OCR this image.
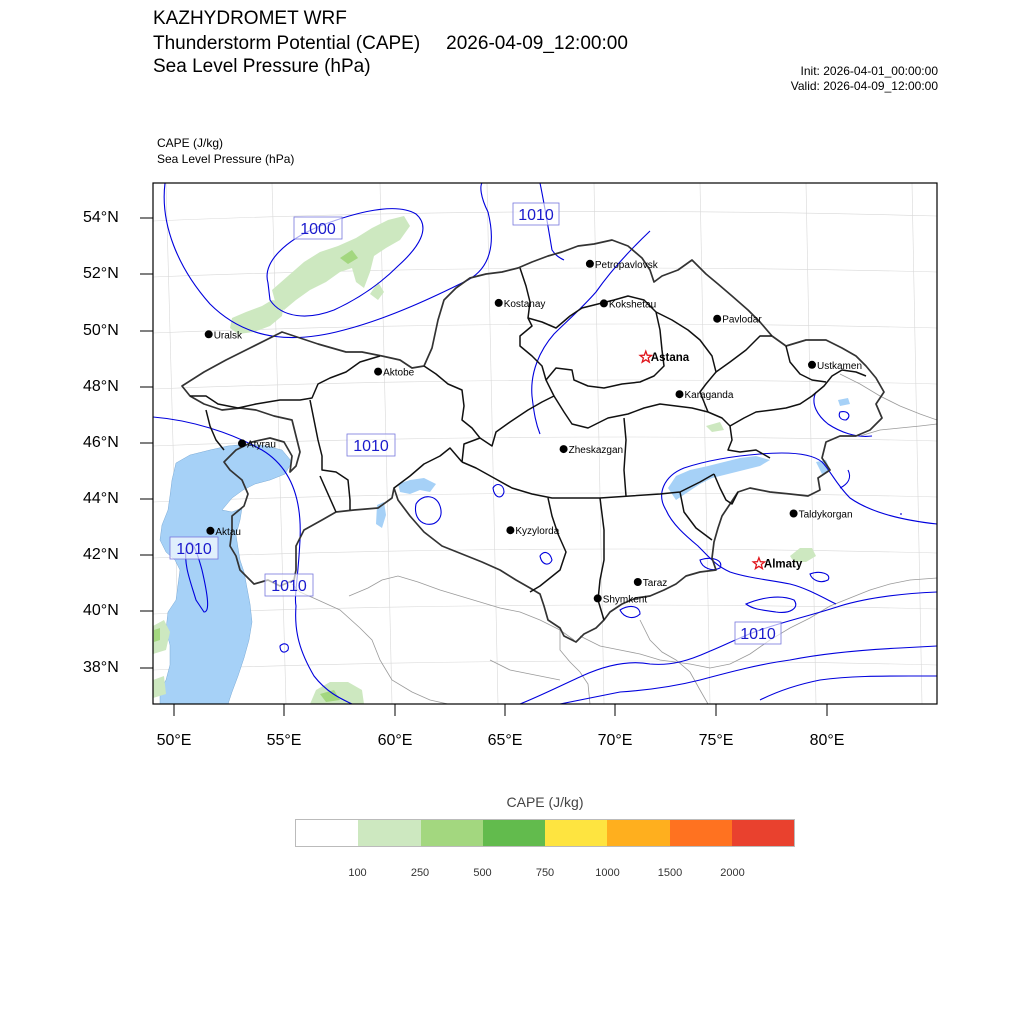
KAZHYDROMET WRF
Thunderstorm Potential (CAPE) 2026-04-09_12:00:00
Sea Level Pressure (hPa)	Init: 2026-04-01_00:00:00
Valid: 2026-04-09_12:00:00
CAPE (J/kg)
Sea Level Pressure (hPa)
1000
1010
1010
1010
1010
1010
Petropavlovsk
Kostanay	Kokshetau
Uralsk
Pavlodar
Astana
Ustkamen
Aktobe
Karaganda
Atyrau
Zheskazgan
Aktau	Kyzylorda
Taldykorgan
Almaty
Taraz
Shymkent
54°N
52°N
50°N
48°N
46°N
44°N
42°N
40°N
38°N
50°E	55°E	60°E	65°E	70°E	75°E	80°E
CAPE (J/kg)
100	250	500	750	1000	1500	2000
